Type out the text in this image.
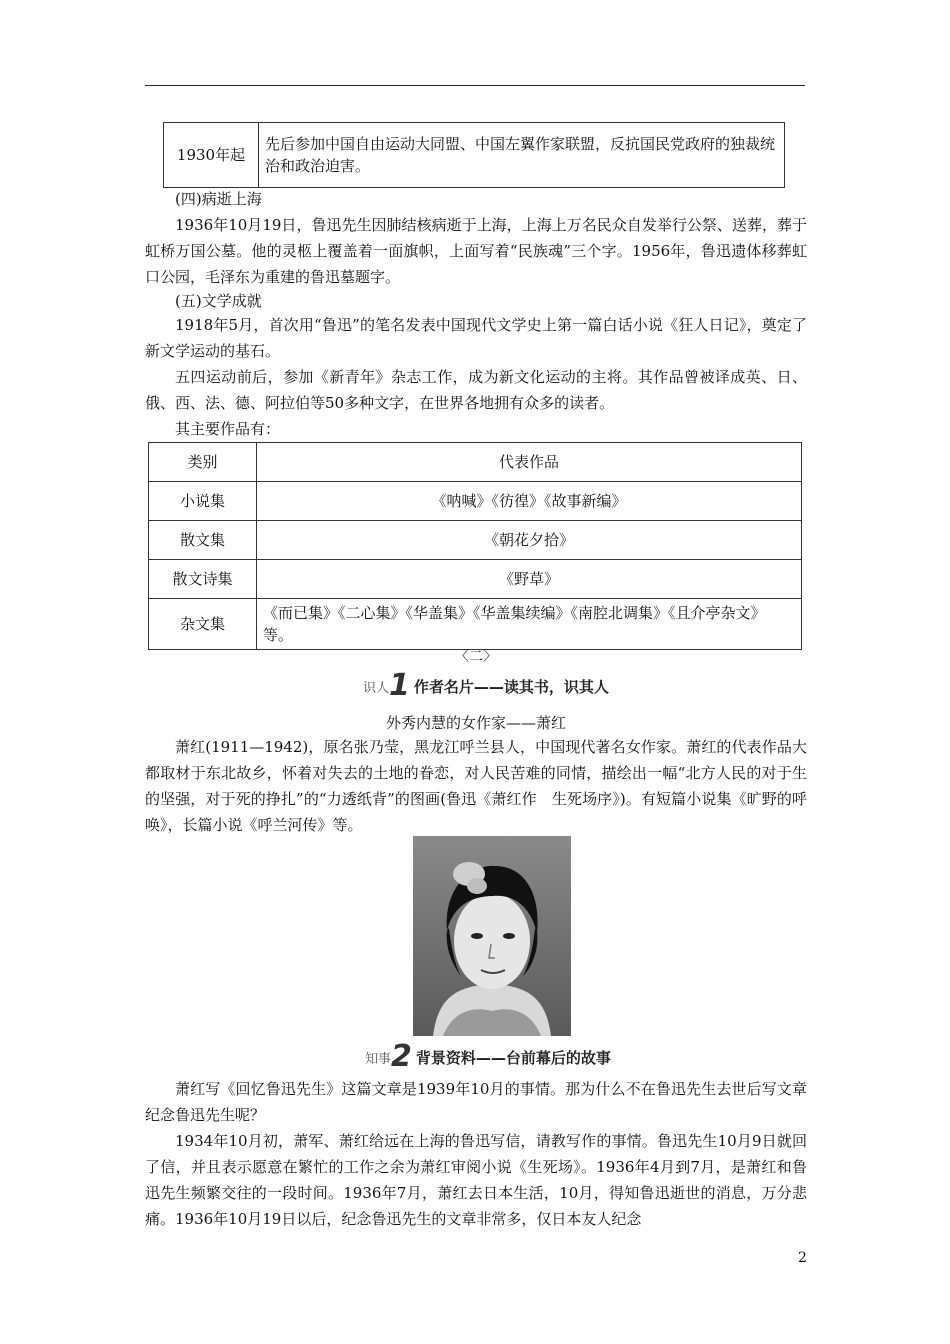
1930年起	先后参加中国自由运动大同盟、中国左翼作家联盟，反抗国民党政府的独裁统治和政治迫害。

(四)病逝上海

1936年10月19日，鲁迅先生因肺结核病逝于上海，上海上万名民众自发举行公祭、送葬，葬于虹桥万国公墓。他的灵柩上覆盖着一面旗帜，上面写着“民族魂”三个字。1956年，鲁迅遗体移葬虹口公园，毛泽东为重建的鲁迅墓题字。

(五)文学成就

1918年5月，首次用“鲁迅”的笔名发表中国现代文学史上第一篇白话小说《狂人日记》，奠定了新文学运动的基石。

五四运动前后，参加《新青年》杂志工作，成为新文化运动的主将。其作品曾被译成英、日、俄、西、法、德、阿拉伯等50多种文字，在世界各地拥有众多的读者。

其主要作品有：

类别	代表作品
小说集	《呐喊》《彷徨》《故事新编》
散文集	《朝花夕拾》
散文诗集	《野草》
杂文集	《而已集》《二心集》《华盖集》《华盖集续编》《南腔北调集》《且介亭杂文》等。

〈二〉

识人 1 作者名片——读其书，识其人

外秀内慧的女作家——萧红

萧红(1911—1942)，原名张乃莹，黑龙江呼兰县人，中国现代著名女作家。萧红的代表作品大都取材于东北故乡，怀着对失去的土地的眷恋，对人民苦难的同情，描绘出一幅“北方人民的对于生的坚强，对于死的挣扎”的“力透纸背”的图画(鲁迅《萧红作　生死场序》)。有短篇小说集《旷野的呼唤》，长篇小说《呼兰河传》等。

知事 2 背景资料——台前幕后的故事

萧红写《回忆鲁迅先生》这篇文章是1939年10月的事情。那为什么不在鲁迅先生去世后写文章纪念鲁迅先生呢？

1934年10月初，萧军、萧红给远在上海的鲁迅写信，请教写作的事情。鲁迅先生10月9日就回了信，并且表示愿意在繁忙的工作之余为萧红审阅小说《生死场》。1936年4月到7月，是萧红和鲁迅先生频繁交往的一段时间。1936年7月，萧红去日本生活，10月，得知鲁迅逝世的消息，万分悲痛。1936年10月19日以后，纪念鲁迅先生的文章非常多，仅日本友人纪念

2
